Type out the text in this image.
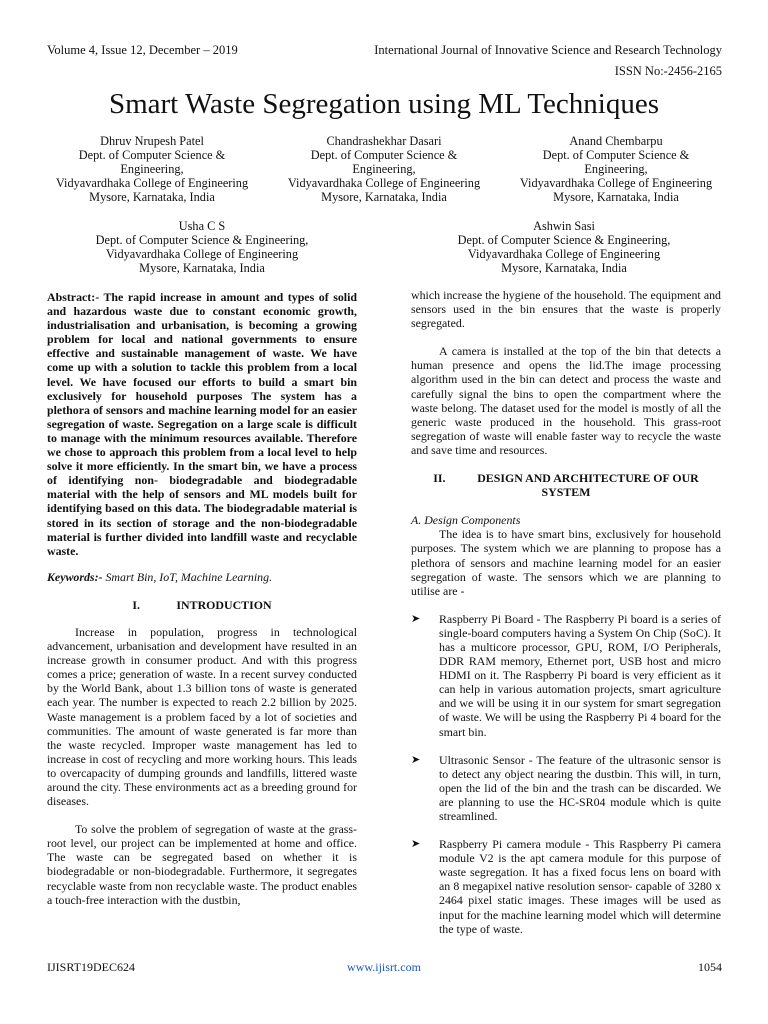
Volume 4, Issue 12, December – 2019	International Journal of Innovative Science and Research Technology
ISSN No:-2456-2165
Smart Waste Segregation using ML Techniques
Dhruv Nrupesh Patel
Dept. of Computer Science &
Engineering,
Vidyavardhaka College of Engineering
Mysore, Karnataka, India
Chandrashekhar Dasari
Dept. of Computer Science &
Engineering,
Vidyavardhaka College of Engineering
Mysore, Karnataka, India
Anand Chembarpu
Dept. of Computer Science &
Engineering,
Vidyavardhaka College of Engineering
Mysore, Karnataka, India
Usha C S
Dept. of Computer Science & Engineering,
Vidyavardhaka College of Engineering
Mysore, Karnataka, India
Ashwin Sasi
Dept. of Computer Science & Engineering,
Vidyavardhaka College of Engineering
Mysore, Karnataka, India

Abstract:- The rapid increase in amount and types of solid and hazardous waste due to constant economic growth, industrialisation and urbanisation, is becoming a growing problem for local and national governments to ensure effective and sustainable management of waste. We have come up with a solution to tackle this problem from a local level. We have focused our efforts to build a smart bin exclusively for household purposes The system has a plethora of sensors and machine learning model for an easier segregation of waste. Segregation on a large scale is difficult to manage with the minimum resources available. Therefore we chose to approach this problem from a local level to help solve it more efficiently. In the smart bin, we have a process of identifying non- biodegradable and biodegradable material with the help of sensors and ML models built for identifying based on this data. The biodegradable material is stored in its section of storage and the non-biodegradable material is further divided into landfill waste and recyclable waste.

Keywords:- Smart Bin, IoT, Machine Learning.

I.	INTRODUCTION

Increase in population, progress in technological advancement, urbanisation and development have resulted in an increase growth in consumer product. And with this progress comes a price; generation of waste. In a recent survey conducted by the World Bank, about 1.3 billion tons of waste is generated each year. The number is expected to reach 2.2 billion by 2025. Waste management is a problem faced by a lot of societies and communities. The amount of waste generated is far more than the waste recycled. Improper waste management has led to increase in cost of recycling and more working hours. This leads to overcapacity of dumping grounds and landfills, littered waste around the city. These environments act as a breeding ground for diseases.

To solve the problem of segregation of waste at the grass- root level, our project can be implemented at home and office. The waste can be segregated based on whether it is biodegradable or non-biodegradable. Furthermore, it segregates recyclable waste from non recyclable waste. The product enables a touch-free interaction with the dustbin,

which increase the hygiene of the household. The equipment and sensors used in the bin ensures that the waste is properly segregated.

A camera is installed at the top of the bin that detects a human presence and opens the lid.The image processing algorithm used in the bin can detect and process the waste and carefully signal the bins to open the compartment where the waste belong. The dataset used for the model is mostly of all the generic waste produced in the household. This grass-root segregation of waste will enable faster way to recycle the waste and save time and resources.

II.	DESIGN AND ARCHITECTURE OF OUR
SYSTEM

A. Design Components

The idea is to have smart bins, exclusively for household purposes. The system which we are planning to propose has a plethora of sensors and machine learning model for an easier segregation of waste. The sensors which we are planning to utilise are -

➤ Raspberry Pi Board - The Raspberry Pi board is a series of single-board computers having a System On Chip (SoC). It has a multicore processor, GPU, ROM, I/O Peripherals, DDR RAM memory, Ethernet port, USB host and micro HDMI on it. The Raspberry Pi board is very efficient as it can help in various automation projects, smart agriculture and we will be using it in our system for smart segregation of waste. We will be using the Raspberry Pi 4 board for the smart bin.
➤ Ultrasonic Sensor - The feature of the ultrasonic sensor is to detect any object nearing the dustbin. This will, in turn, open the lid of the bin and the trash can be discarded. We are planning to use the HC-SR04 module which is quite streamlined.
➤ Raspberry Pi camera module - This Raspberry Pi camera module V2 is the apt camera module for this purpose of waste segregation. It has a fixed focus lens on board with an 8 megapixel native resolution sensor- capable of 3280 x 2464 pixel static images. These images will be used as input for the machine learning model which will determine the type of waste.
IJISRT19DEC624	www.ijisrt.com	1054
